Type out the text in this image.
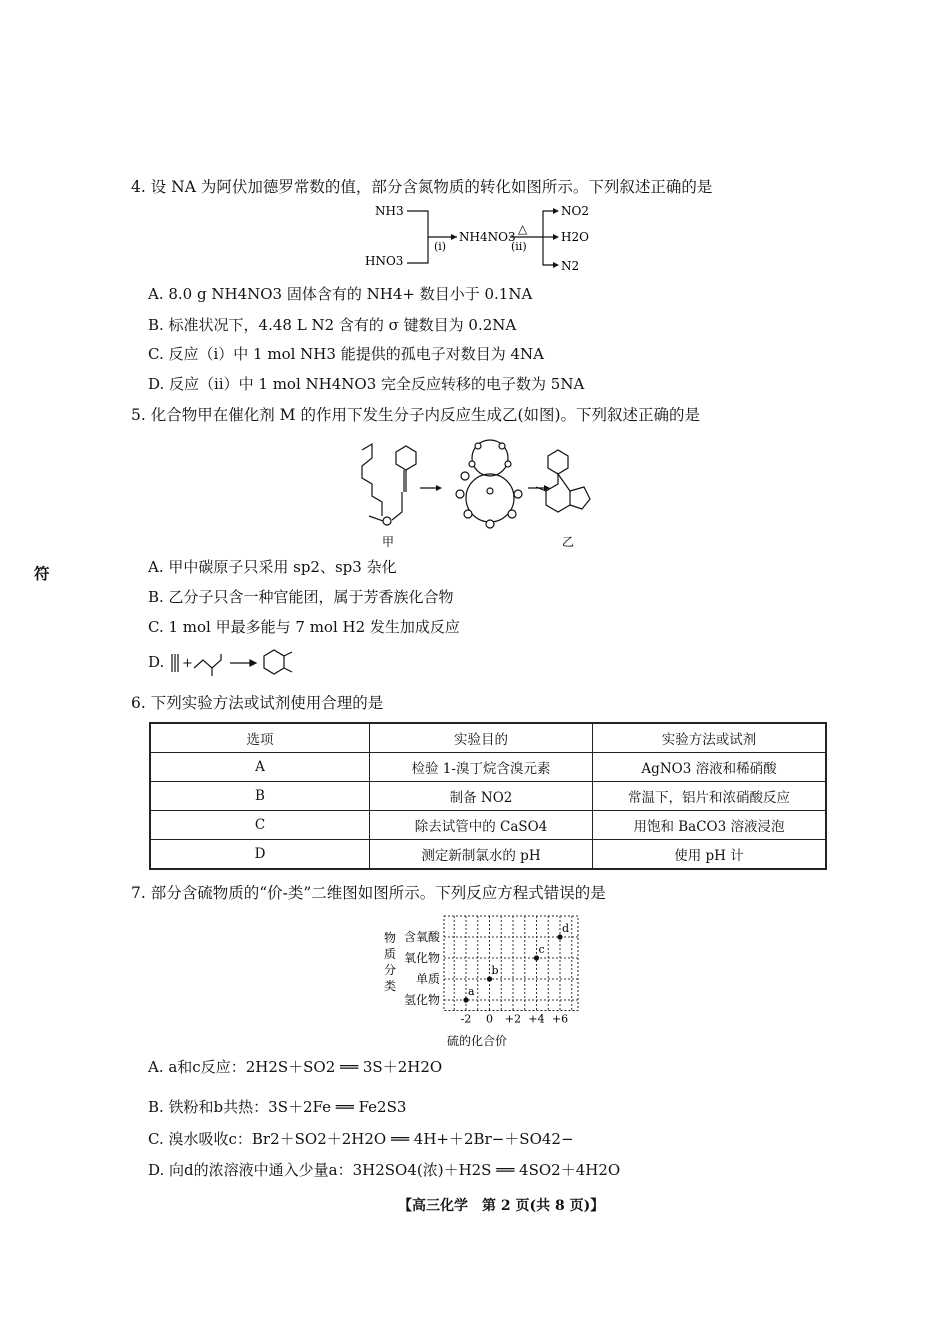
符
4. 设 NA 为阿伏加德罗常数的值，部分含氮物质的转化如图所示。下列叙述正确的是
NH3
HNO3
(ⅰ)
NH4NO3
△
(ⅱ)
NO2
H2O
N2
A. 8.0 g NH4NO3 固体含有的 NH4+ 数目小于 0.1NA
B. 标准状况下，4.48 L N2 含有的 σ 键数目为 0.2NA
C. 反应（ⅰ）中 1 mol NH3 能提供的孤电子对数目为 4NA
D. 反应（ⅱ）中 1 mol NH4NO3 完全反应转移的电子数为 5NA
5. 化合物甲在催化剂 M 的作用下发生分子内反应生成乙(如图)。下列叙述正确的是
甲	乙
A. 甲中碳原子只采用 sp2、sp3 杂化
B. 乙分子只含一种官能团，属于芳香族化合物
C. 1 mol 甲最多能与 7 mol H2 发生加成反应
D. +
6. 下列实验方法或试剂使用合理的是
选项	实验目的	实验方法或试剂
A	检验 1-溴丁烷含溴元素	AgNO3 溶液和稀硝酸
B	制备 NO2	常温下，铝片和浓硝酸反应
C	除去试管中的 CaSO4	用饱和 BaCO3 溶液浸泡
D	测定新制氯水的 pH	使用 pH 计
7. 部分含硫物质的“价-类”二维图如图所示。下列反应方程式错误的是
物质分类
含氧酸
氧化物
单质
氢化物
-2 0 +2 +4 +6
a
b
c
d
硫的化合价
A. a和c反应：2H2S＋SO2 ══ 3S＋2H2O
B. 铁粉和b共热：3S＋2Fe ══ Fe2S3
C. 溴水吸收c：Br2＋SO2＋2H2O ══ 4H+＋2Br−＋SO42−
D. 向d的浓溶液中通入少量a：3H2SO4(浓)＋H2S ══ 4SO2＋4H2O
【高三化学　第 2 页(共 8 页)】
